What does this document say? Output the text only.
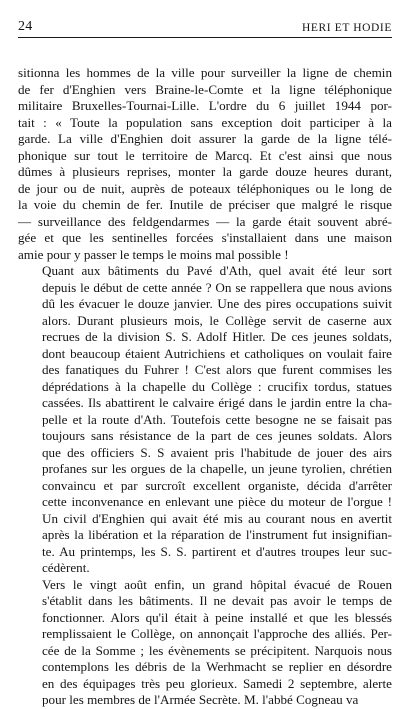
24	HERI ET HODIE

sitionna les hommes de la ville pour surveiller la ligne de chemin
de fer d'Enghien vers Braine-le-Comte et la ligne téléphonique
militaire Bruxelles-Tournai-Lille. L'ordre du 6 juillet 1944 por-
tait : « Toute la population sans exception doit participer à la
garde. La ville d'Enghien doit assurer la garde de la ligne télé-
phonique sur tout le territoire de Marcq. Et c'est ainsi que nous
dûmes à plusieurs reprises, monter la garde douze heures durant,
de jour ou de nuit, auprès de poteaux téléphoniques ou le long de
la voie du chemin de fer. Inutile de préciser que malgré le risque
— surveillance des feldgendarmes — la garde était souvent abré-
gée et que les sentinelles forcées s'installaient dans une maison
amie pour y passer le temps le moins mal possible !

Quant aux bâtiments du Pavé d'Ath, quel avait été leur sort
depuis le début de cette année ? On se rappellera que nous avions
dû les évacuer le douze janvier. Une des pires occupations suivit
alors. Durant plusieurs mois, le Collège servit de caserne aux
recrues de la division S. S. Adolf Hitler. De ces jeunes soldats,
dont beaucoup étaient Autrichiens et catholiques on voulait faire
des fanatiques du Fuhrer ! C'est alors que furent commises les
déprédations à la chapelle du Collège : crucifix tordus, statues
cassées. Ils abattirent le calvaire érigé dans le jardin entre la cha-
pelle et la route d'Ath. Toutefois cette besogne ne se faisait pas
toujours sans résistance de la part de ces jeunes soldats. Alors
que des officiers S. S avaient pris l'habitude de jouer des airs
profanes sur les orgues de la chapelle, un jeune tyrolien, chrétien
convaincu et par surcroît excellent organiste, décida d'arrêter
cette inconvenance en enlevant une pièce du moteur de l'orgue !
Un civil d'Enghien qui avait été mis au courant nous en avertit
après la libération et la réparation de l'instrument fut insignifian-
te. Au printemps, les S. S. partirent et d'autres troupes leur suc-
cédèrent.

Vers le vingt août enfin, un grand hôpital évacué de Rouen
s'établit dans les bâtiments. Il ne devait pas avoir le temps de
fonctionner. Alors qu'il était à peine installé et que les blessés
remplissaient le Collège, on annonçait l'approche des alliés. Per-
cée de la Somme ; les évènements se précipitent. Narquois nous
contemplons les débris de la Werhmacht se replier en désordre
en des équipages très peu glorieux. Samedi 2 septembre, alerte
pour les membres de l'Armée Secrète. M. l'abbé Cogneau va
